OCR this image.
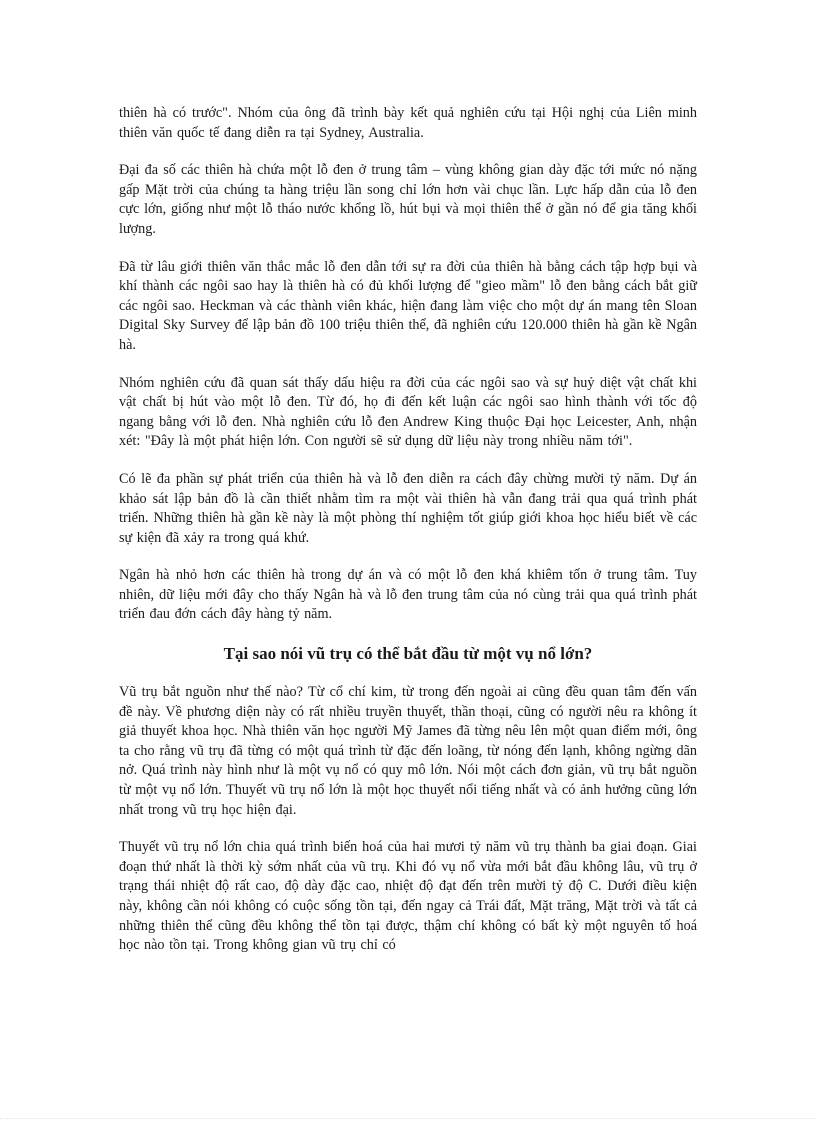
thiên hà có trước". Nhóm của ông đã trình bày kết quả nghiên cứu tại Hội nghị của Liên minh thiên văn quốc tế đang diễn ra tại Sydney, Australia.

Đại đa số các thiên hà chứa một lỗ đen ở trung tâm – vùng không gian dày đặc tới mức nó nặng gấp Mặt trời của chúng ta hàng triệu lần song chỉ lớn hơn vài chục lần. Lực hấp dẫn của lỗ đen cực lớn, giống như một lỗ tháo nước khổng lồ, hút bụi và mọi thiên thể ở gần nó để gia tăng khối lượng.

Đã từ lâu giới thiên văn thắc mắc lỗ đen dẫn tới sự ra đời của thiên hà bằng cách tập hợp bụi và khí thành các ngôi sao hay là thiên hà có đủ khối lượng để "gieo mầm" lỗ đen bằng cách bắt giữ các ngôi sao. Heckman và các thành viên khác, hiện đang làm việc cho một dự án mang tên Sloan Digital Sky Survey để lập bản đồ 100 triệu thiên thể, đã nghiên cứu 120.000 thiên hà gần kề Ngân hà.

Nhóm nghiên cứu đã quan sát thấy dấu hiệu ra đời của các ngôi sao và sự huỷ diệt vật chất khi vật chất bị hút vào một lỗ đen. Từ đó, họ đi đến kết luận các ngôi sao hình thành với tốc độ ngang bằng với lỗ đen. Nhà nghiên cứu lỗ đen Andrew King thuộc Đại học Leicester, Anh, nhận xét: "Đây là một phát hiện lớn. Con người sẽ sử dụng dữ liệu này trong nhiều năm tới".

Có lẽ đa phần sự phát triển của thiên hà và lỗ đen diễn ra cách đây chừng mười tỷ năm. Dự án khảo sát lập bản đồ là cần thiết nhằm tìm ra một vài thiên hà vẫn đang trải qua quá trình phát triển. Những thiên hà gần kề này là một phòng thí nghiệm tốt giúp giới khoa học hiểu biết về các sự kiện đã xảy ra trong quá khứ.

Ngân hà nhỏ hơn các thiên hà trong dự án và có một lỗ đen khá khiêm tốn ở trung tâm. Tuy nhiên, dữ liệu mới đây cho thấy Ngân hà và lỗ đen trung tâm của nó cùng trải qua quá trình phát triển đau đớn cách đây hàng tỷ năm.

Tại sao nói vũ trụ có thể bắt đầu từ một vụ nổ lớn?

Vũ trụ bắt nguồn như thế nào? Từ cổ chí kim, từ trong đến ngoài ai cũng đều quan tâm đến vấn đề này. Về phương diện này có rất nhiều truyền thuyết, thần thoại, cũng có người nêu ra không ít giả thuyết khoa học. Nhà thiên văn học người Mỹ James đã từng nêu lên một quan điểm mới, ông ta cho rằng vũ trụ đã từng có một quá trình từ đặc đến loãng, từ nóng đến lạnh, không ngừng dãn nở. Quá trình này hình như là một vụ nổ có quy mô lớn. Nói một cách đơn giản, vũ trụ bắt nguồn từ một vụ nổ lớn. Thuyết vũ trụ nổ lớn là một học thuyết nổi tiếng nhất và có ảnh hưởng cũng lớn nhất trong vũ trụ học hiện đại.

Thuyết vũ trụ nổ lớn chia quá trình biến hoá của hai mươi tỷ năm vũ trụ thành ba giai đoạn. Giai đoạn thứ nhất là thời kỳ sớm nhất của vũ trụ. Khi đó vụ nổ vừa mới bắt đầu không lâu, vũ trụ ở trạng thái nhiệt độ rất cao, độ dày đặc cao, nhiệt độ đạt đến trên mười tỷ độ C. Dưới điều kiện này, không cần nói không có cuộc sống tồn tại, đến ngay cả Trái đất, Mặt trăng, Mặt trời và tất cả những thiên thể cũng đều không thể tồn tại được, thậm chí không có bất kỳ một nguyên tố hoá học nào tồn tại. Trong không gian vũ trụ chỉ có
